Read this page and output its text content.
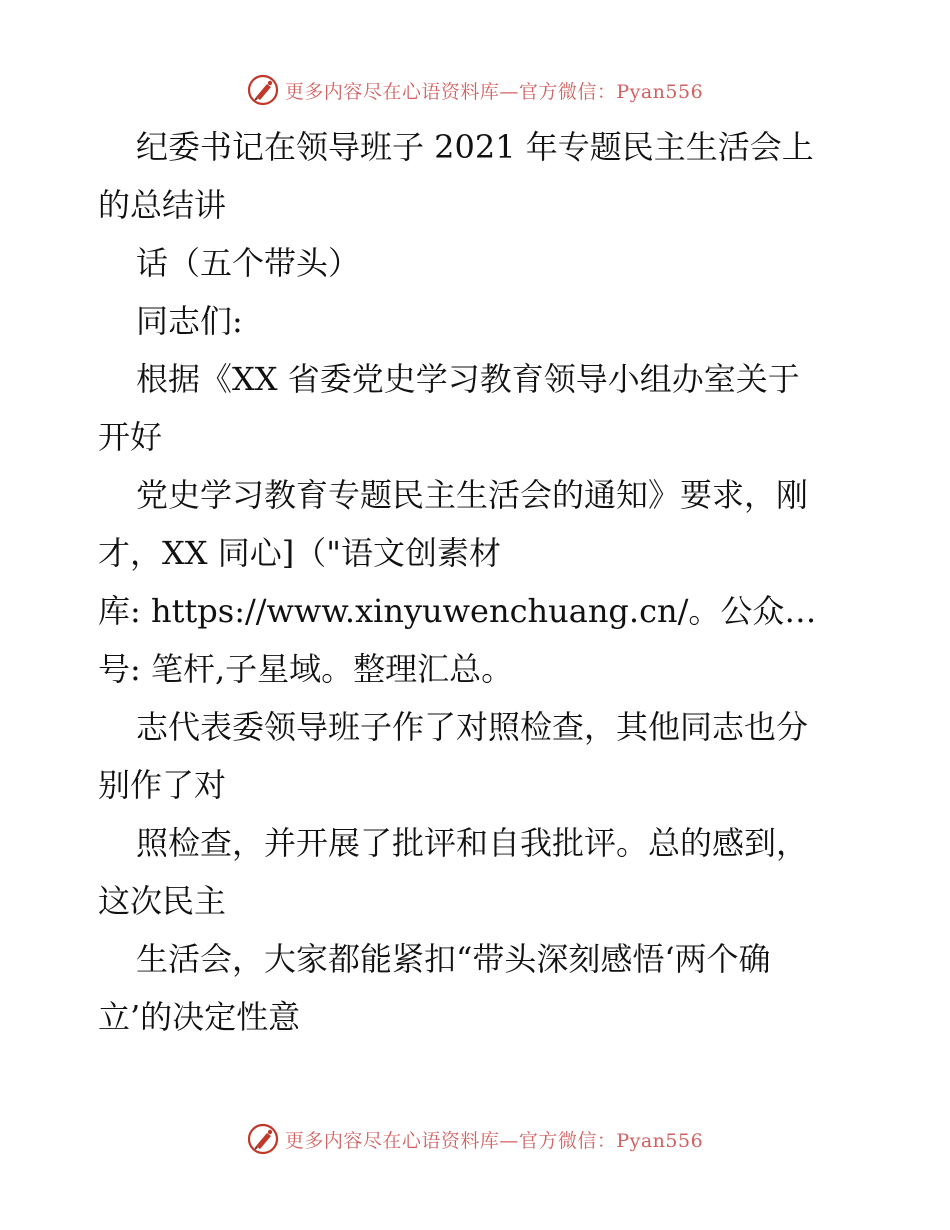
更多内容尽在心语资料库—官方微信：Pyan556
纪委书记在领导班子 2021 年专题民主生活会上
的总结讲
话（五个带头）
同志们:
根据《XX 省委党史学习教育领导小组办室关于
开好
党史学习教育专题民主生活会的通知》要求，刚
才，XX 同心]（"语文创素材
库: https://www.xinyuwenchuang.cn/。公众…
号: 笔杆,子星域。整理汇总。
志代表委领导班子作了对照检查，其他同志也分
别作了对
照检查，并开展了批评和自我批评。总的感到，
这次民主
生活会，大家都能紧扣“带头深刻感悟‘两个确
立’的决定性意
更多内容尽在心语资料库—官方微信：Pyan556
